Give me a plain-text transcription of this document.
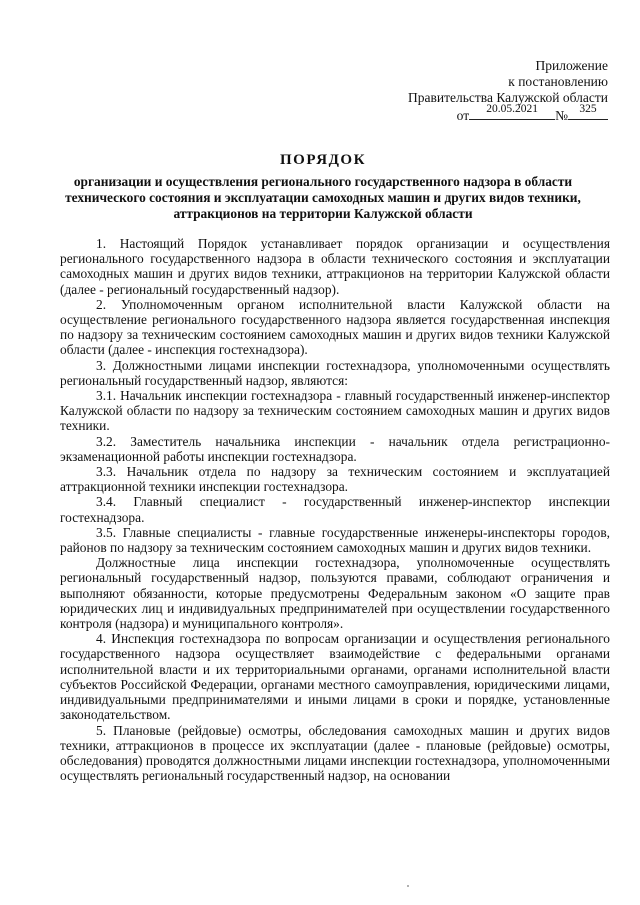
Приложение
к постановлению
Правительства Калужской области
от	20.05.2021	№ 325
ПОРЯДОК
организации и осуществления регионального государственного надзора в области технического состояния и эксплуатации самоходных машин и других видов техники, аттракционов на территории Калужской области

1. Настоящий Порядок устанавливает порядок организации и осуществления регионального государственного надзора в области технического состояния и эксплуатации самоходных машин и других видов техники, аттракционов на территории Калужской области (далее - региональный государственный надзор).

2. Уполномоченным органом исполнительной власти Калужской области на осуществление регионального государственного надзора является государственная инспекция по надзору за техническим состоянием самоходных машин и других видов техники Калужской области (далее - инспекция гостехнадзора).

3. Должностными лицами инспекции гостехнадзора, уполномоченными осуществлять региональный государственный надзор, являются:

3.1. Начальник инспекции гостехнадзора - главный государственный инженер-инспектор Калужской области по надзору за техническим состоянием самоходных машин и других видов техники.

3.2. Заместитель начальника инспекции - начальник отдела регистрационно-экзаменационной работы инспекции гостехнадзора.

3.3. Начальник отдела по надзору за техническим состоянием и эксплуатацией аттракционной техники инспекции гостехнадзора.

3.4. Главный специалист - государственный инженер-инспектор инспекции гостехнадзора.

3.5. Главные специалисты - главные государственные инженеры-инспекторы городов, районов по надзору за техническим состоянием самоходных машин и других видов техники.

Должностные лица инспекции гостехнадзора, уполномоченные осуществлять региональный государственный надзор, пользуются правами, соблюдают ограничения и выполняют обязанности, которые предусмотрены Федеральным законом «О защите прав юридических лиц и индивидуальных предпринимателей при осуществлении государственного контроля (надзора) и муниципального контроля».

4. Инспекция гостехнадзора по вопросам организации и осуществления регионального государственного надзора осуществляет взаимодействие с федеральными органами исполнительной власти и их территориальными органами, органами исполнительной власти субъектов Российской Федерации, органами местного самоуправления, юридическими лицами, индивидуальными предпринимателями и иными лицами в сроки и порядке, установленные законодательством.

5. Плановые (рейдовые) осмотры, обследования самоходных машин и других видов техники, аттракционов в процессе их эксплуатации (далее - плановые (рейдовые) осмотры, обследования) проводятся должностными лицами инспекции гостехнадзора, уполномоченными осуществлять региональный государственный надзор, на основании
